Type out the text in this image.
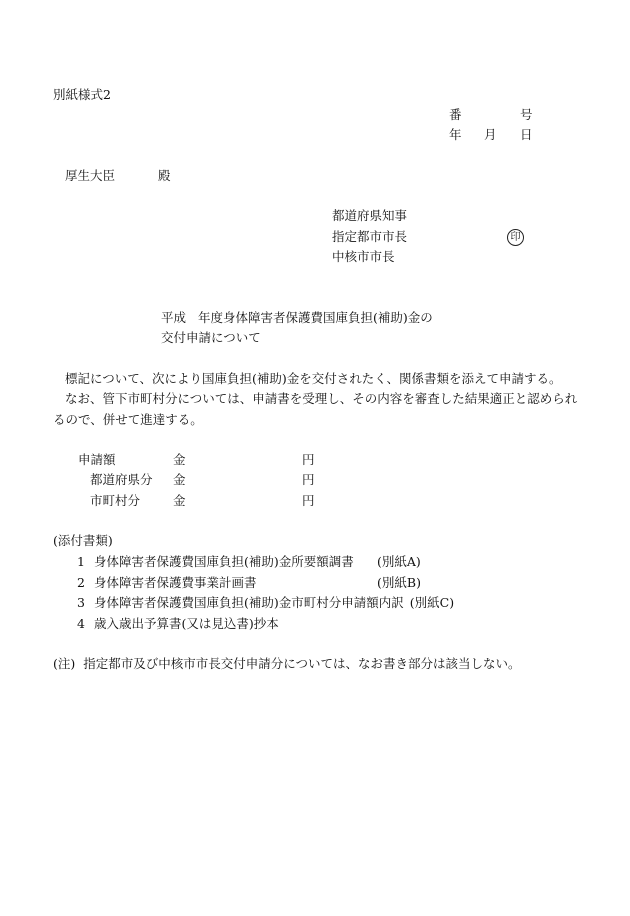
別紙様式2
番	号
年 月 日
厚生大臣	殿
都道府県知事
指定都市市長	印
中核市市長
平成 年度身体障害者保護費国庫負担(補助)金の
交付申請について
標記について、次により国庫負担(補助)金を交付されたく、関係書類を添えて申請する。
なお、管下市町村分については、申請書を受理し、その内容を審査した結果適正と認められ
るので、併せて進達する。
申請額	金	円
都道府県分 金	円
市町村分	金	円
(添付書類)
1 身体障害者保護費国庫負担(補助)金所要額調書	(別紙A)
2 身体障害者保護費事業計画書	(別紙B)
3 身体障害者保護費国庫負担(補助)金市町村分申請額内訳 (別紙C)
4 歳入歳出予算書(又は見込書)抄本
(注) 指定都市及び中核市市長交付申請分については、なお書き部分は該当しない。
